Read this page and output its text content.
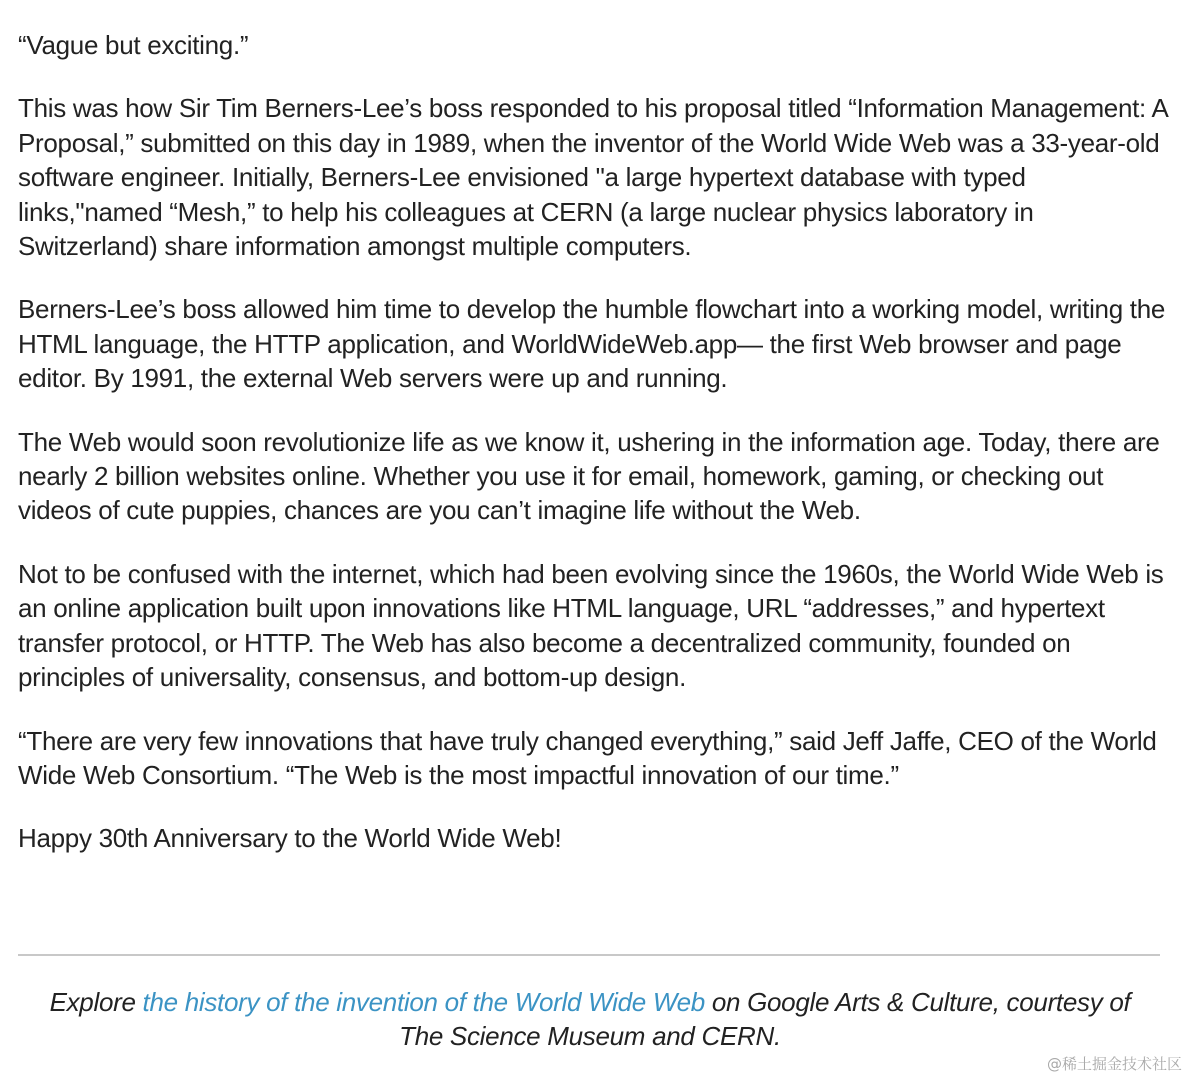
“Vague but exciting.”

This was how Sir Tim Berners-Lee’s boss responded to his proposal titled “Information Management: A Proposal,” submitted on this day in 1989, when the inventor of the World Wide Web was a 33-year-old software engineer. Initially, Berners-Lee envisioned "a large hypertext database with typed links,"named “Mesh,” to help his colleagues at CERN (a large nuclear physics laboratory in Switzerland) share information amongst multiple computers.

Berners-Lee’s boss allowed him time to develop the humble flowchart into a working model, writing the HTML language, the HTTP application, and WorldWideWeb.app— the first Web browser and page editor. By 1991, the external Web servers were up and running.

The Web would soon revolutionize life as we know it, ushering in the information age. Today, there are nearly 2 billion websites online. Whether you use it for email, homework, gaming, or checking out videos of cute puppies, chances are you can’t imagine life without the Web.

Not to be confused with the internet, which had been evolving since the 1960s, the World Wide Web is an online application built upon innovations like HTML language, URL “addresses,” and hypertext transfer protocol, or HTTP. The Web has also become a decentralized community, founded on principles of universality, consensus, and bottom-up design.

“There are very few innovations that have truly changed everything,” said Jeff Jaffe, CEO of the World Wide Web Consortium. “The Web is the most impactful innovation of our time.”

Happy 30th Anniversary to the World Wide Web!

Explore the history of the invention of the World Wide Web on Google Arts & Culture, courtesy of The Science Museum and CERN.
@稀土掘金技术社区
